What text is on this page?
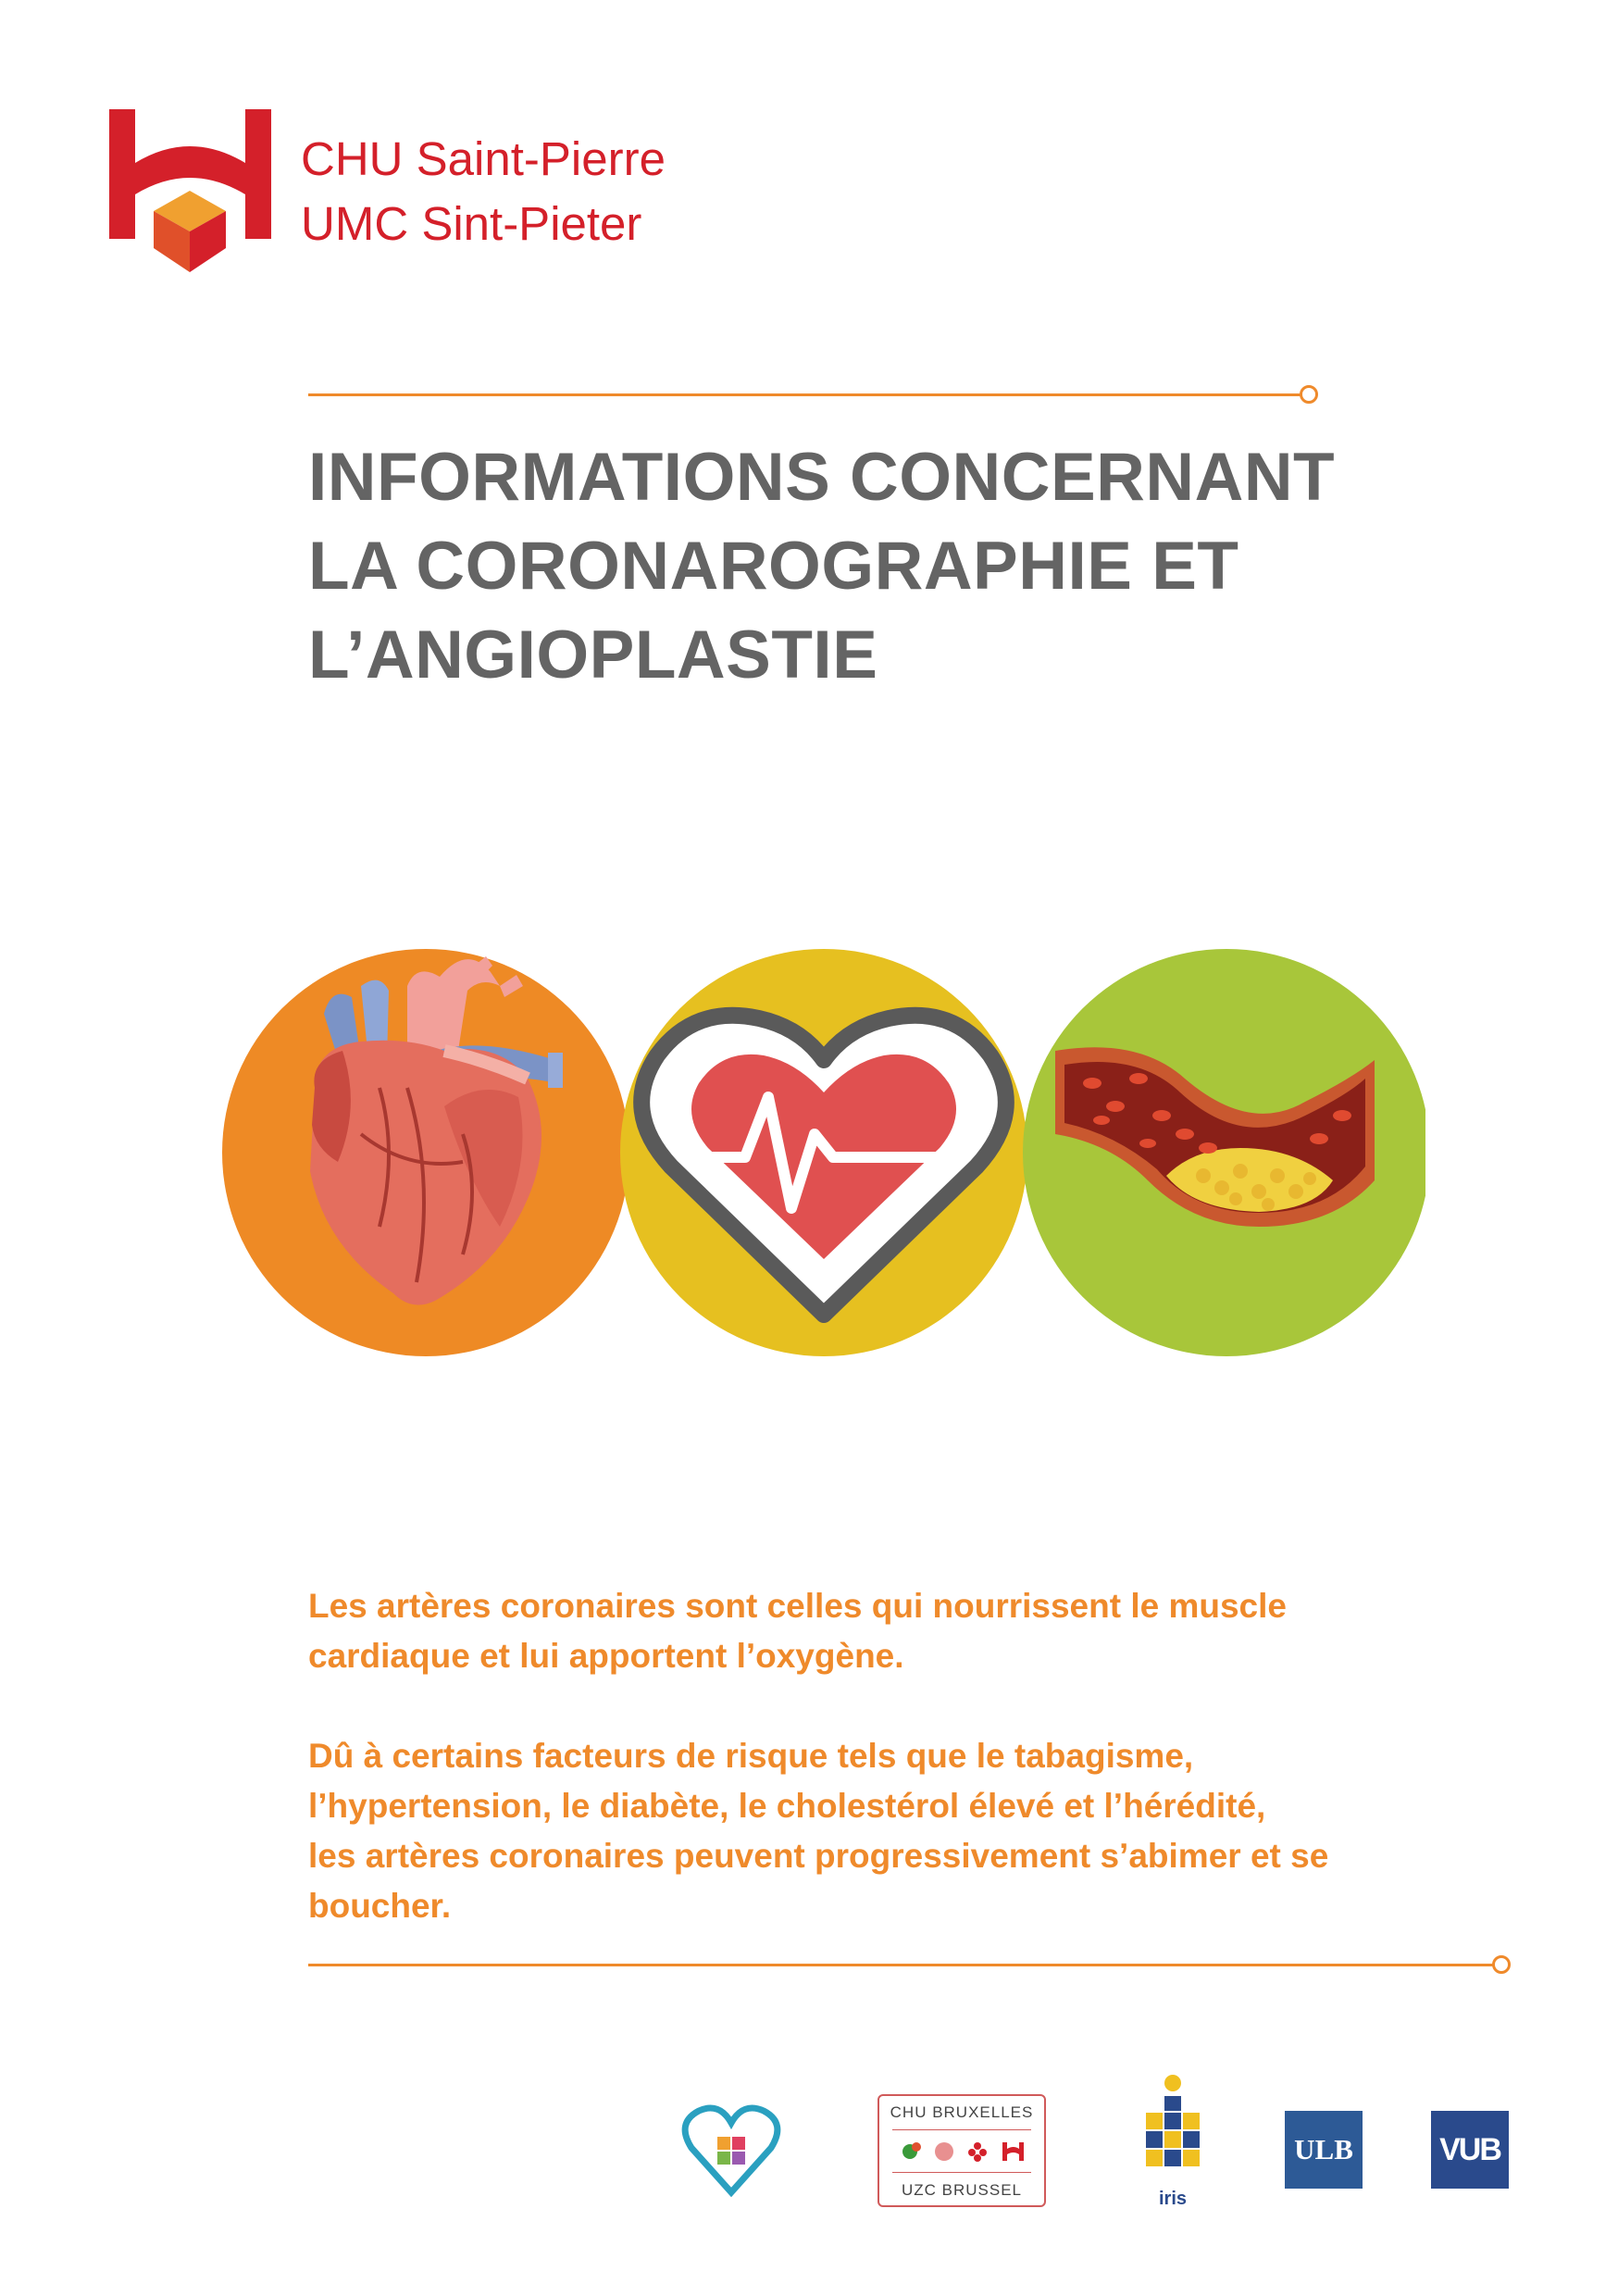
CHU Saint-Pierre
UMC Sint-Pieter
INFORMATIONS CONCERNANT
LA CORONAROGRAPHIE ET
L’ANGIOPLASTIE
Les artères coronaires sont celles qui nourrissent le muscle
cardiaque et lui apportent l’oxygène.
Dû à certains facteurs de risque tels que le tabagisme,
l’hypertension, le diabète, le cholestérol élevé et l’hérédité,
les artères coronaires peuvent progressivement s’abimer et se
boucher.
CHU BRUXELLES
UZC BRUSSEL	iris
ULB	VUB
